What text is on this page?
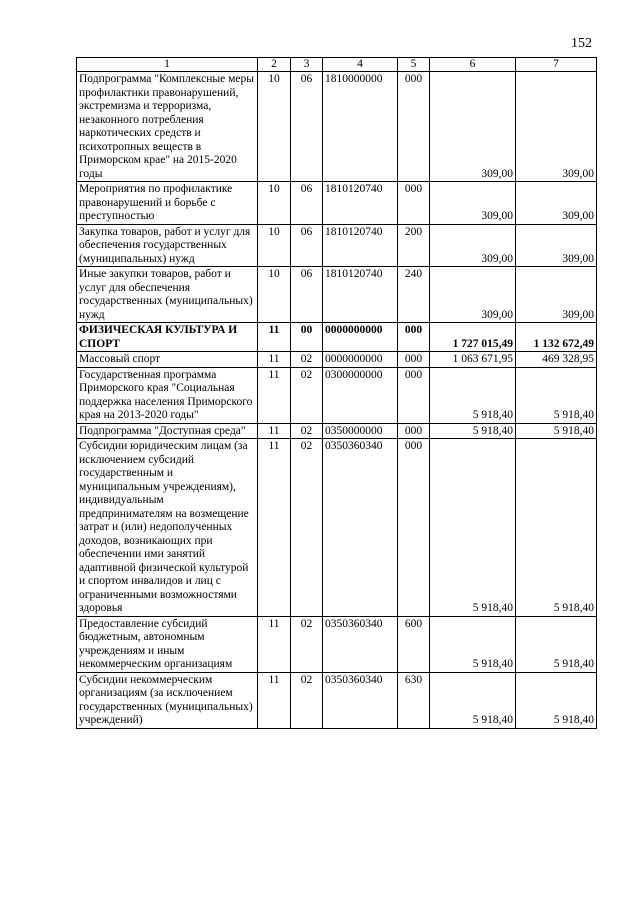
152
1	2	3	4	5	6	7
Подпрограмма "Комплексные меры профилактики правонарушений, экстремизма и терроризма, незаконного потребления наркотических средств и психотропных веществ в Приморском крае" на 2015-2020 годы	10	06	1810000000	000	309,00	309,00
Мероприятия по профилактике правонарушений и борьбе с преступностью	10	06	1810120740	000	309,00	309,00
Закупка товаров, работ и услуг для обеспечения государственных (муниципальных) нужд	10	06	1810120740	200	309,00	309,00
Иные закупки товаров, работ и услуг для обеспечения государственных (муниципальных) нужд	10	06	1810120740	240	309,00	309,00
ФИЗИЧЕСКАЯ КУЛЬТУРА И СПОРТ	11	00	0000000000	000	1 727 015,49	1 132 672,49
Массовый спорт	11	02	0000000000	000	1 063 671,95	469 328,95
Государственная программа Приморского края "Социальная поддержка населения Приморского края на 2013-2020 годы"	11	02	0300000000	000	5 918,40	5 918,40
Подпрограмма "Доступная среда"	11	02	0350000000	000	5 918,40	5 918,40
Субсидии юридическим лицам (за исключением субсидий государственным и муниципальным учреждениям), индивидуальным предпринимателям на возмещение затрат и (или) недополученных доходов, возникающих при обеспечении ими занятий адаптивной физической культурой и спортом инвалидов и лиц с ограниченными возможностями здоровья	11	02	0350360340	000	5 918,40	5 918,40
Предоставление субсидий бюджетным, автономным учреждениям и иным некоммерческим организациям	11	02	0350360340	600	5 918,40	5 918,40
Субсидии некоммерческим организациям (за исключением государственных (муниципальных) учреждений)	11	02	0350360340	630	5 918,40	5 918,40
